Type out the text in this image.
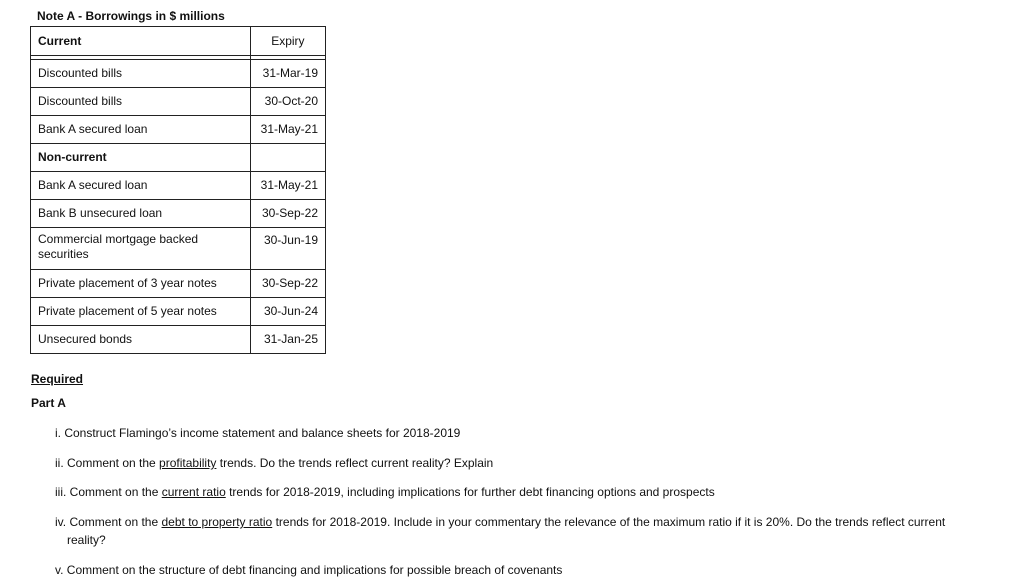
Note A - Borrowings in $ millions
Current	Expiry

Discounted bills	31-Mar-19
Discounted bills	30-Oct-20
Bank A secured loan	31-May-21
Non-current	
Bank A secured loan	31-May-21
Bank B unsecured loan	30-Sep-22
Commercial mortgage backed securities	30-Jun-19
Private placement of 3 year notes	30-Sep-22
Private placement of 5 year notes	30-Jun-24
Unsecured bonds	31-Jan-25
Required
Part A
i. Construct Flamingo’s income statement and balance sheets for 2018-2019
ii. Comment on the profitability trends. Do the trends reflect current reality? Explain
iii. Comment on the current ratio trends for 2018-2019, including implications for further debt financing options and prospects
iv. Comment on the debt to property ratio trends for 2018-2019. Include in your commentary the relevance of the maximum ratio if it is 20%. Do the trends reflect current
reality?
v. Comment on the structure of debt financing and implications for possible breach of covenants
